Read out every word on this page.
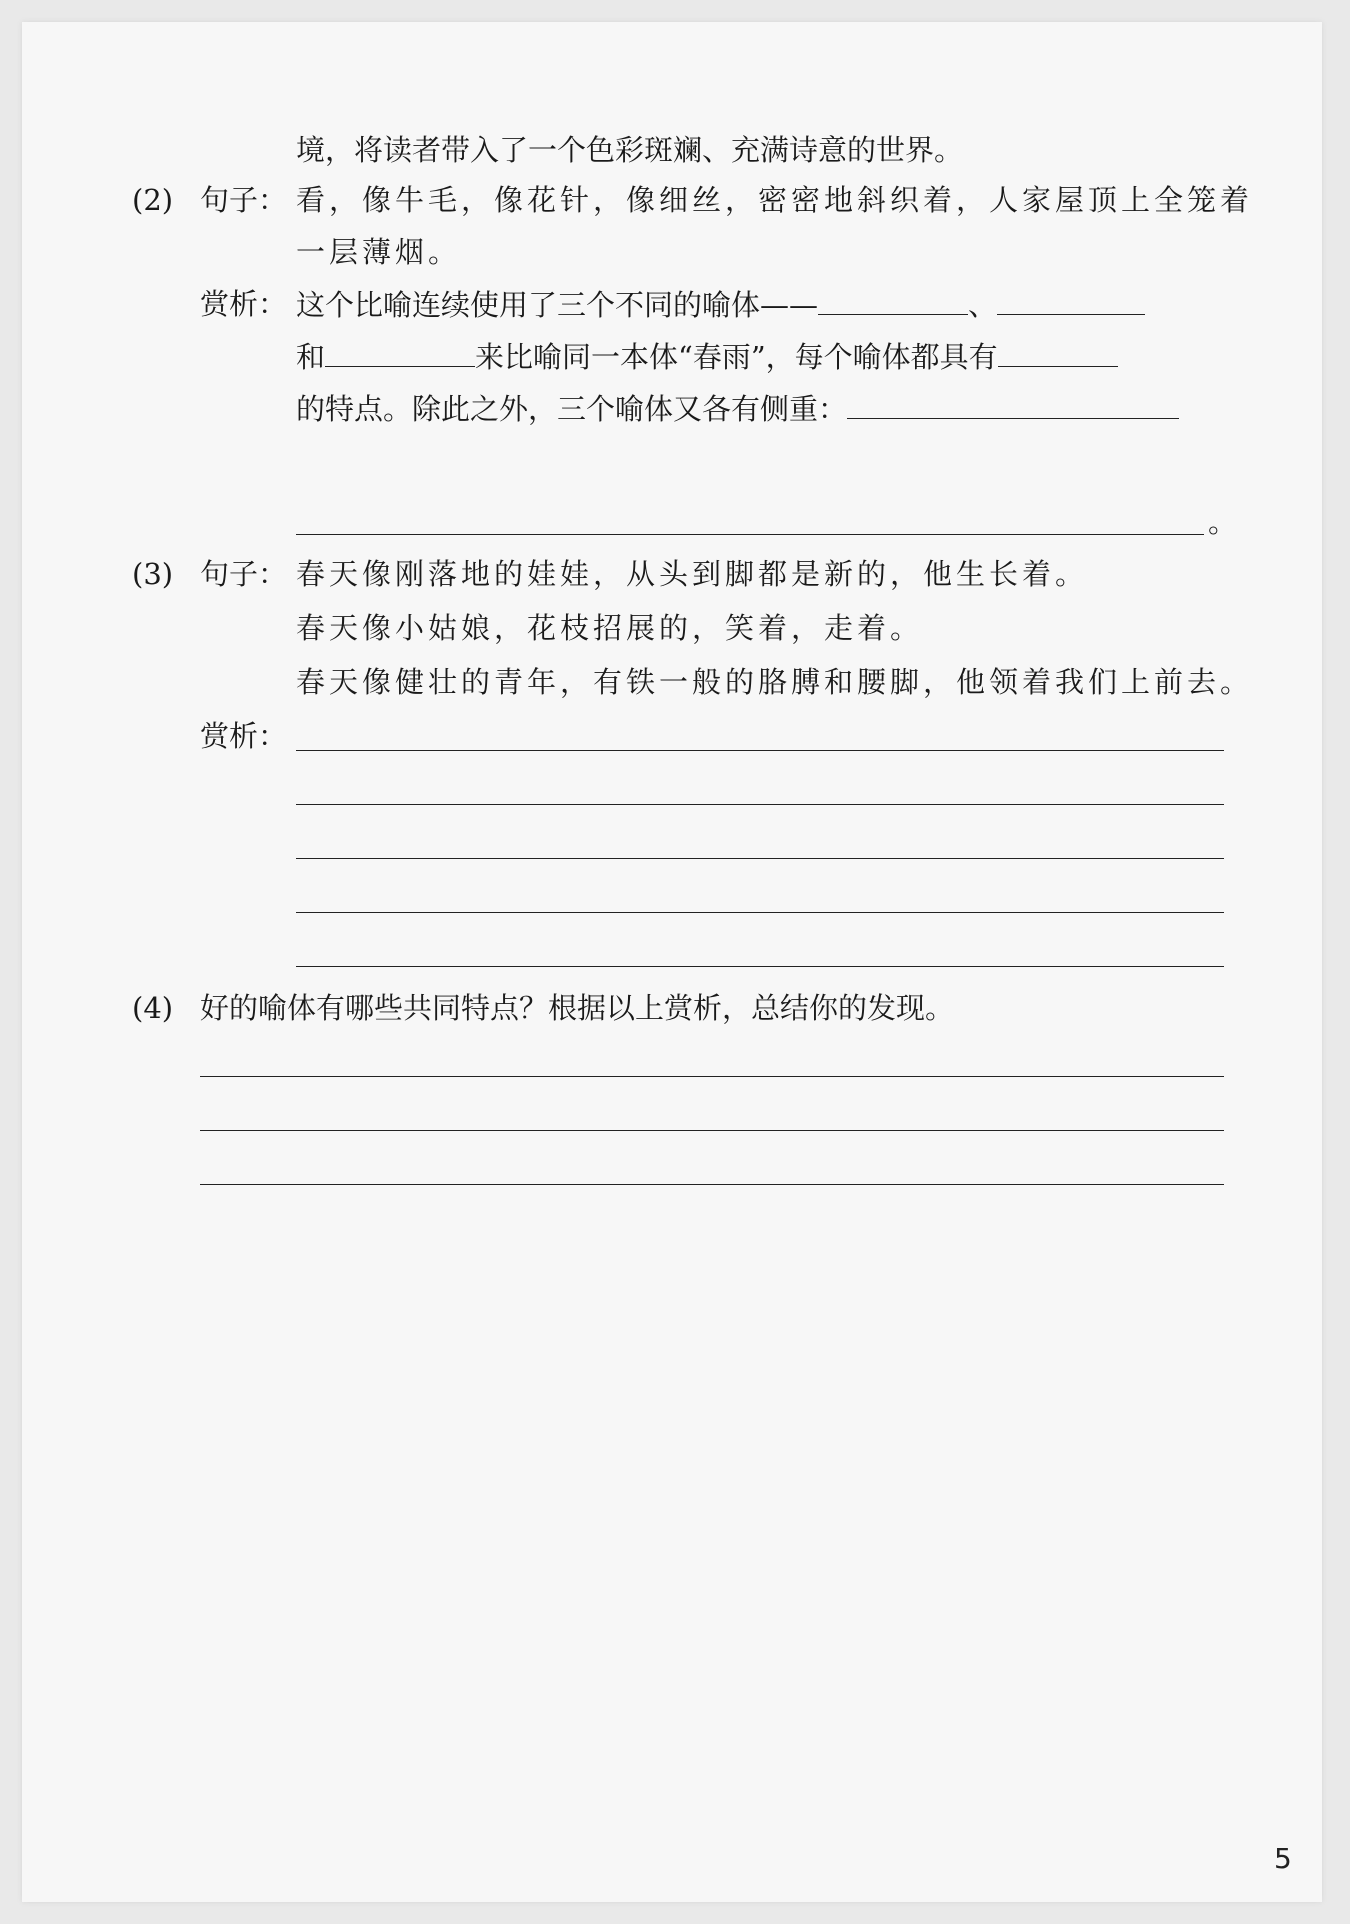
境，将读者带入了一个色彩斑斓、充满诗意的世界。
(2) 句子： 看，像牛毛，像花针，像细丝，密密地斜织着，人家屋顶上全笼着
一层薄烟。
赏析： 这个比喻连续使用了三个不同的喻体——	、
和	来比喻同一本体“春雨”，每个喻体都具有
的特点。除此之外，三个喻体又各有侧重：
。
(3) 句子： 春天像刚落地的娃娃，从头到脚都是新的，他生长着。
春天像小姑娘，花枝招展的，笑着，走着。
春天像健壮的青年，有铁一般的胳膊和腰脚，他领着我们上前去。
赏析：
(4) 好的喻体有哪些共同特点？根据以上赏析，总结你的发现。
5
